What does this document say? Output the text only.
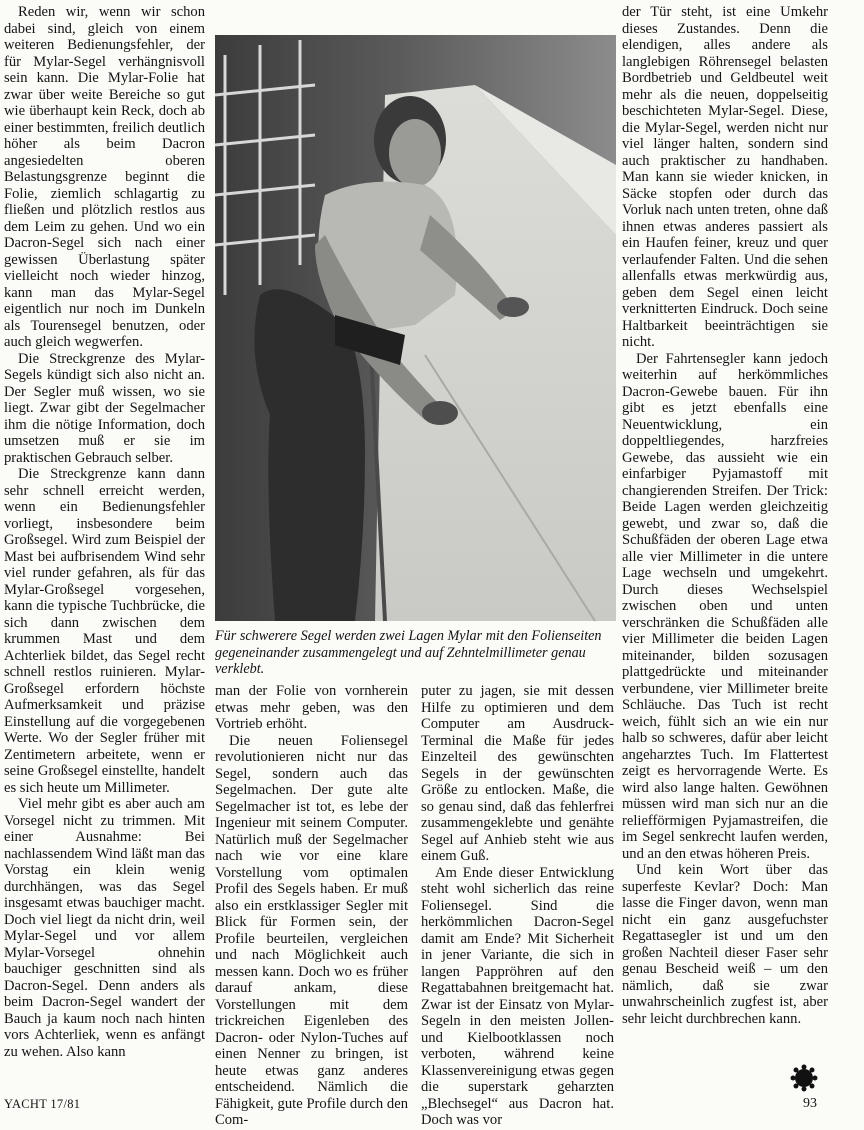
Reden wir, wenn wir schon dabei sind, gleich von einem weiteren Bedienungsfehler, der für Mylar-Segel verhängnisvoll sein kann. Die Mylar-Folie hat zwar über weite Bereiche so gut wie überhaupt kein Reck, doch ab einer bestimmten, freilich deutlich höher als beim Dacron angesiedelten oberen Belastungsgrenze beginnt die Folie, ziemlich schlagartig zu fließen und plötzlich restlos aus dem Leim zu gehen. Und wo ein Dacron-Segel sich nach einer gewissen Überlastung später vielleicht noch wieder hinzog, kann man das Mylar-Segel eigentlich nur noch im Dunkeln als Tourensegel benutzen, oder auch gleich wegwerfen.

Die Streckgrenze des Mylar-Segels kündigt sich also nicht an. Der Segler muß wissen, wo sie liegt. Zwar gibt der Segelmacher ihm die nötige Information, doch umsetzen muß er sie im praktischen Gebrauch selber.

Die Streckgrenze kann dann sehr schnell erreicht werden, wenn ein Bedienungsfehler vorliegt, insbesondere beim Großsegel. Wird zum Beispiel der Mast bei aufbrisendem Wind sehr viel runder gefahren, als für das Mylar-Großsegel vorgesehen, kann die typische Tuchbrücke, die sich dann zwischen dem krummen Mast und dem Achterliek bildet, das Segel recht schnell restlos ruinieren. Mylar-Großsegel erfordern höchste Aufmerksamkeit und präzise Einstellung auf die vorgegebenen Werte. Wo der Segler früher mit Zentimetern arbeitete, wenn er seine Großsegel einstellte, handelt es sich heute um Millimeter.

Viel mehr gibt es aber auch am Vorsegel nicht zu trimmen. Mit einer Ausnahme: Bei nachlassendem Wind läßt man das Vorstag ein klein wenig durchhängen, was das Segel insgesamt etwas bauchiger macht. Doch viel liegt da nicht drin, weil Mylar-Segel und vor allem Mylar-Vorsegel ohnehin bauchiger geschnitten sind als Dacron-Segel. Denn anders als beim Dacron-Segel wandert der Bauch ja kaum noch nach hinten vors Achterliek, wenn es anfängt zu wehen. Also kann

Für schwerere Segel werden zwei Lagen Mylar mit den Folienseiten gegeneinander zusammengelegt und auf Zehntelmillimeter genau verklebt.

man der Folie von vornherein etwas mehr geben, was den Vortrieb erhöht.

Die neuen Foliensegel revolutionieren nicht nur das Segel, sondern auch das Segelmachen. Der gute alte Segelmacher ist tot, es lebe der Ingenieur mit seinem Computer. Natürlich muß der Segelmacher nach wie vor eine klare Vorstellung vom optimalen Profil des Segels haben. Er muß also ein erstklassiger Segler mit Blick für Formen sein, der Profile beurteilen, vergleichen und nach Möglichkeit auch messen kann. Doch wo es früher darauf ankam, diese Vorstellungen mit dem trickreichen Eigenleben des Dacron- oder Nylon-Tuches auf einen Nenner zu bringen, ist heute etwas ganz anderes entscheidend. Nämlich die Fähigkeit, gute Profile durch den Com-

puter zu jagen, sie mit dessen Hilfe zu optimieren und dem Computer am Ausdruck-Terminal die Maße für jedes Einzelteil des gewünschten Segels in der gewünschten Größe zu entlocken. Maße, die so genau sind, daß das fehlerfrei zusammengeklebte und genähte Segel auf Anhieb steht wie aus einem Guß.

Am Ende dieser Entwicklung steht wohl sicherlich das reine Foliensegel. Sind die herkömmlichen Dacron-Segel damit am Ende? Mit Sicherheit in jener Variante, die sich in langen Pappröhren auf den Regattabahnen breitgemacht hat. Zwar ist der Einsatz von Mylar-Segeln in den meisten Jollen- und Kielbootklassen noch verboten, während keine Klassenvereinigung etwas gegen die superstark geharzten „Blechsegel“ aus Dacron hat. Doch was vor

der Tür steht, ist eine Umkehr dieses Zustandes. Denn die elendigen, alles andere als langlebigen Röhrensegel belasten Bordbetrieb und Geldbeutel weit mehr als die neuen, doppelseitig beschichteten Mylar-Segel. Diese, die Mylar-Segel, werden nicht nur viel länger halten, sondern sind auch praktischer zu handhaben. Man kann sie wieder knicken, in Säcke stopfen oder durch das Vorluk nach unten treten, ohne daß ihnen etwas anderes passiert als ein Haufen feiner, kreuz und quer verlaufender Falten. Und die sehen allenfalls etwas merkwürdig aus, geben dem Segel einen leicht verknitterten Eindruck. Doch seine Haltbarkeit beeinträchtigen sie nicht.

Der Fahrtensegler kann jedoch weiterhin auf herkömmliches Dacron-Gewebe bauen. Für ihn gibt es jetzt ebenfalls eine Neuentwicklung, ein doppeltliegendes, harzfreies Gewebe, das aussieht wie ein einfarbiger Pyjamastoff mit changierenden Streifen. Der Trick: Beide Lagen werden gleichzeitig gewebt, und zwar so, daß die Schußfäden der oberen Lage etwa alle vier Millimeter in die untere Lage wechseln und umgekehrt. Durch dieses Wechselspiel zwischen oben und unten verschränken die Schußfäden alle vier Millimeter die beiden Lagen miteinander, bilden sozusagen plattgedrückte und miteinander verbundene, vier Millimeter breite Schläuche. Das Tuch ist recht weich, fühlt sich an wie ein nur halb so schweres, dafür aber leicht angeharztes Tuch. Im Flattertest zeigt es hervorragende Werte. Es wird also lange halten. Gewöhnen müssen wird man sich nur an die reliefförmigen Pyjamastreifen, die im Segel senkrecht laufen werden, und an den etwas höheren Preis.

Und kein Wort über das superfeste Kevlar? Doch: Man lasse die Finger davon, wenn man nicht ein ganz ausgefuchster Regattasegler ist und um den großen Nachteil dieser Faser sehr genau Bescheid weiß – um den nämlich, daß sie zwar unwahrscheinlich zugfest ist, aber sehr leicht durchbrechen kann.

YACHT 17/81	93
